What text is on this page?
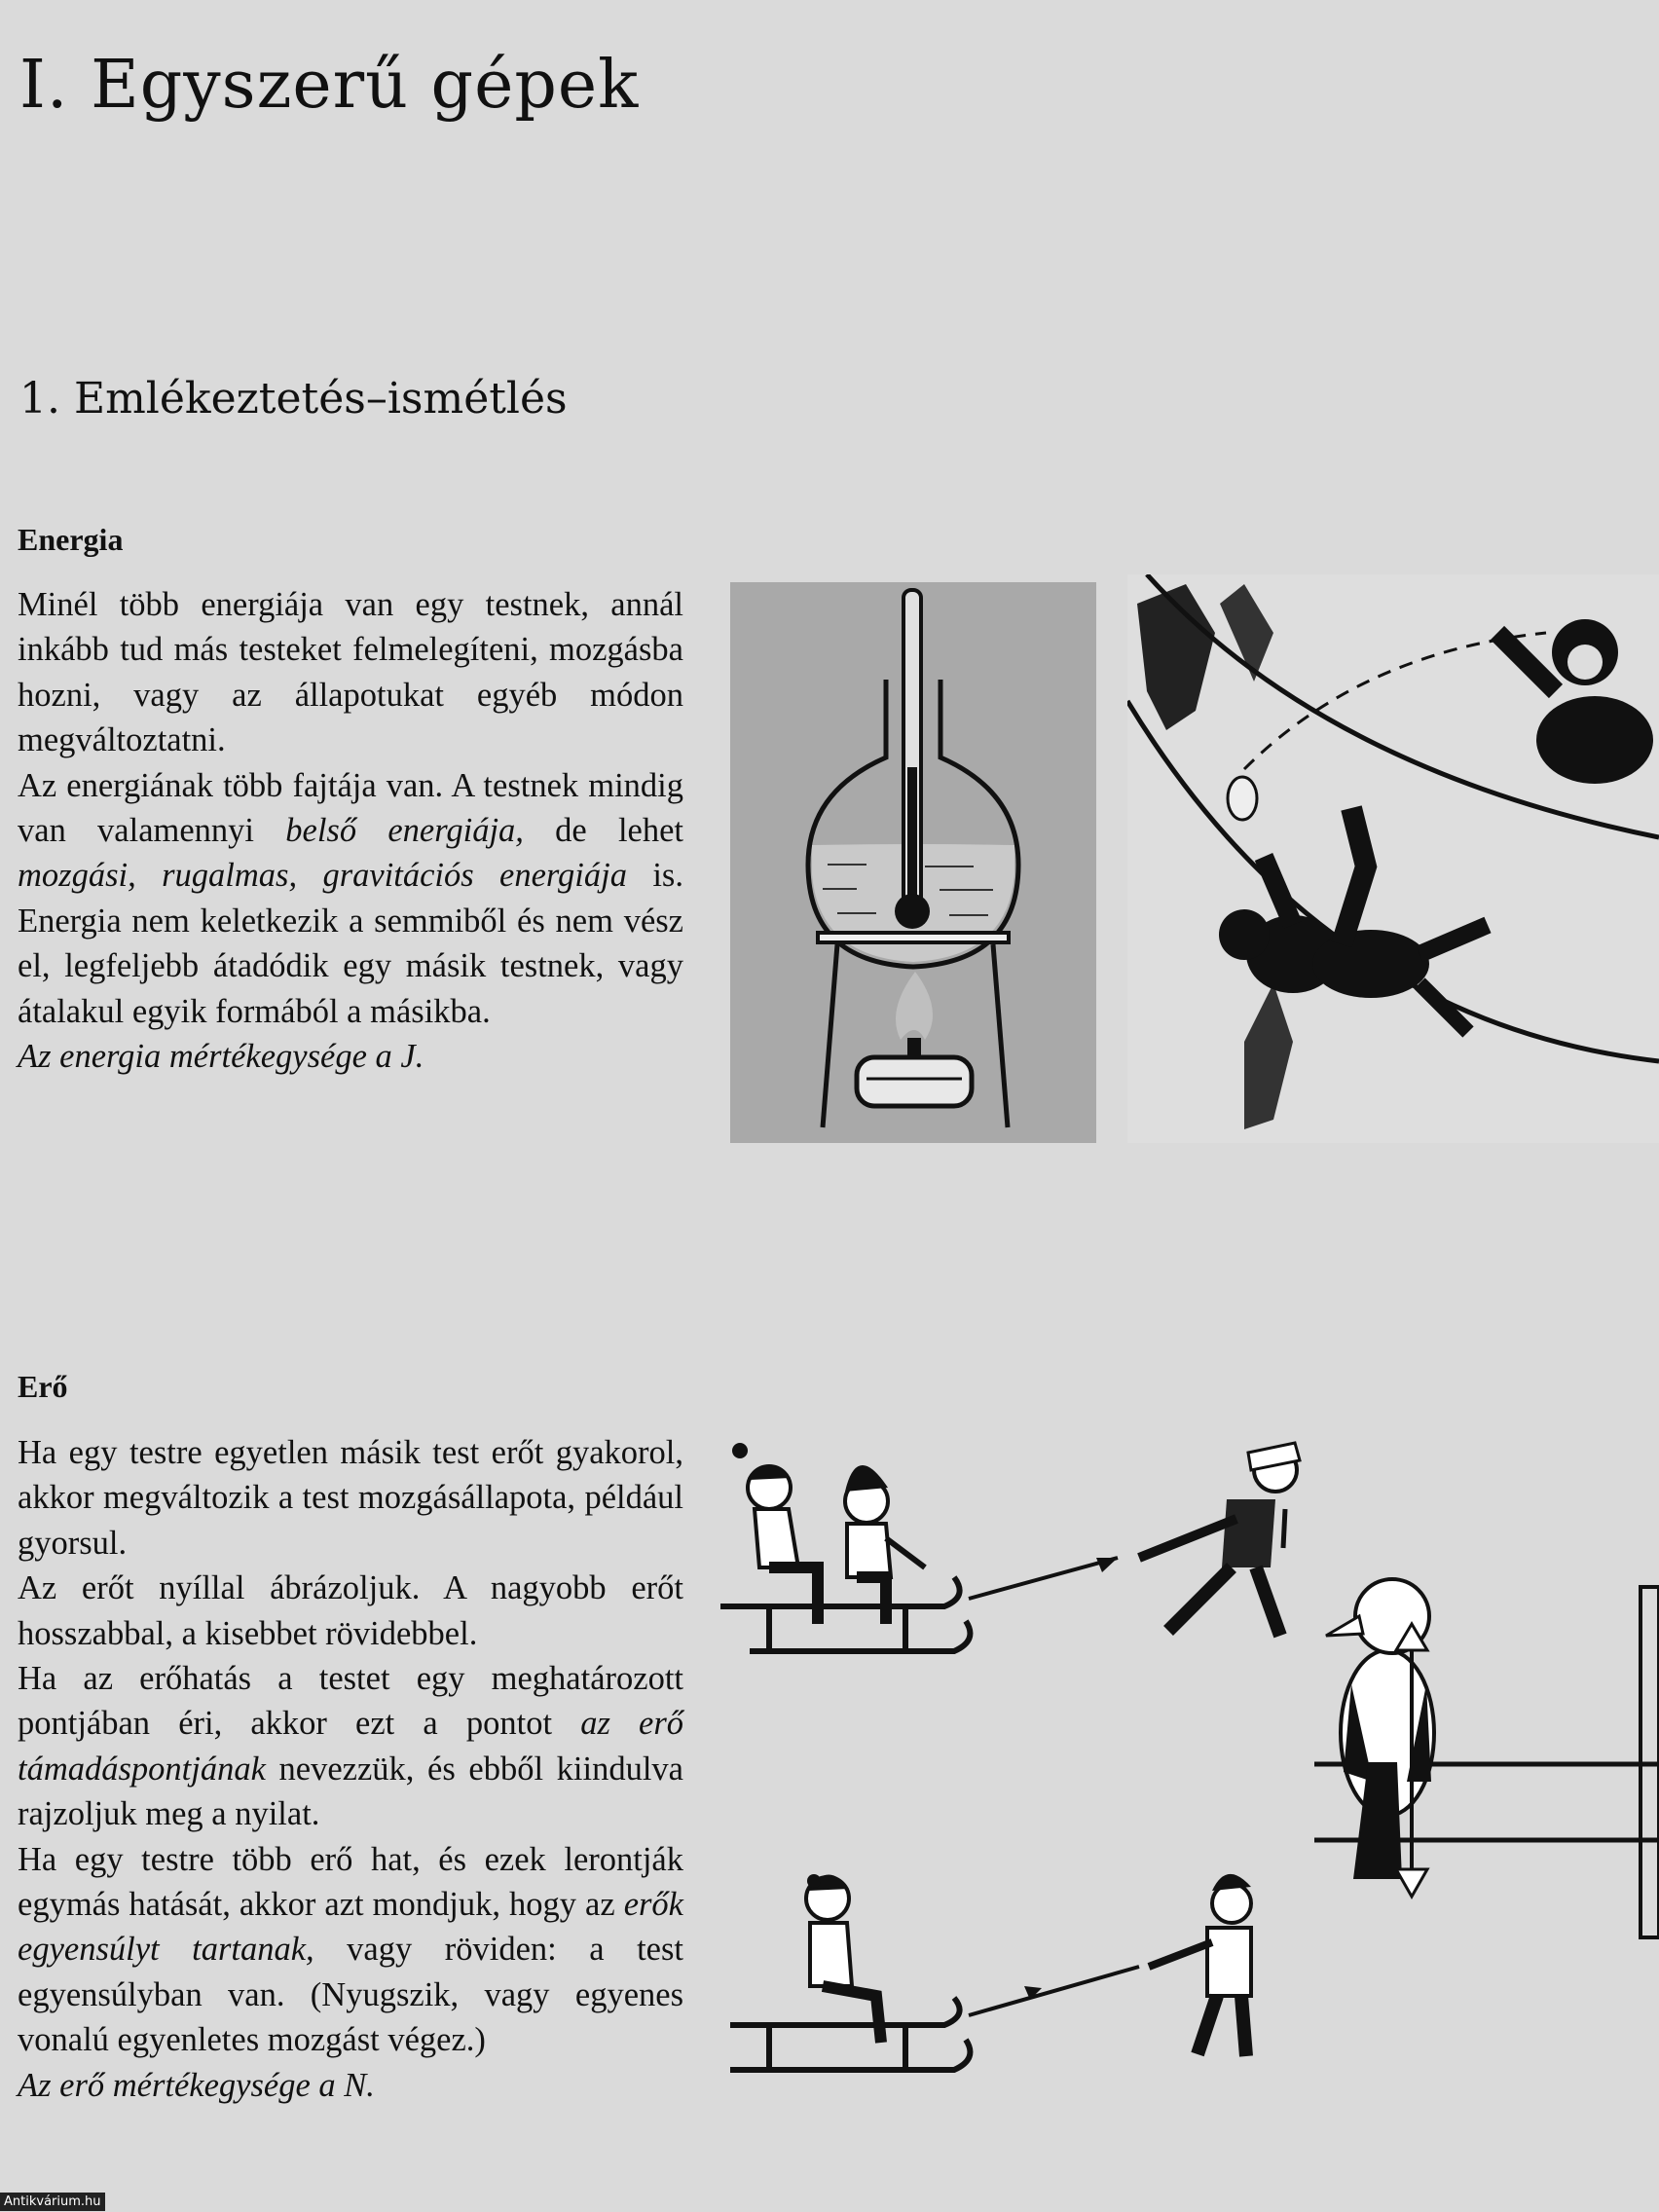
I. Egyszerű gépek
1. Emlékeztetés–ismétlés
Energia

Minél több energiája van egy testnek, annál inkább tud más testeket felmelegíteni, mozgásba hozni, vagy az állapotukat egyéb módon megváltoztatni.

Az energiának több fajtája van. A testnek mindig van valamennyi belső energiája, de lehet mozgási, rugalmas, gravitációs energiája is. Energia nem keletkezik a semmiből és nem vész el, legfeljebb átadódik egy másik testnek, vagy átalakul egyik formából a másikba.

Az energia mértékegysége a J.

Erő

Ha egy testre egyetlen másik test erőt gyakorol, akkor megváltozik a test mozgásállapota, például gyorsul.

Az erőt nyíllal ábrázoljuk. A nagyobb erőt hosszabbal, a kisebbet rövidebbel.

Ha az erőhatás a testet egy meghatározott pontjában éri, akkor ezt a pontot az erő támadáspontjának nevezzük, és ebből kiindulva rajzoljuk meg a nyilat.

Ha egy testre több erő hat, és ezek lerontják egymás hatását, akkor azt mondjuk, hogy az erők egyensúlyt tartanak, vagy röviden: a test egyensúlyban van. (Nyugszik, vagy egyenes vonalú egyenletes mozgást végez.)

Az erő mértékegysége a N.

Antikvárium.hu
